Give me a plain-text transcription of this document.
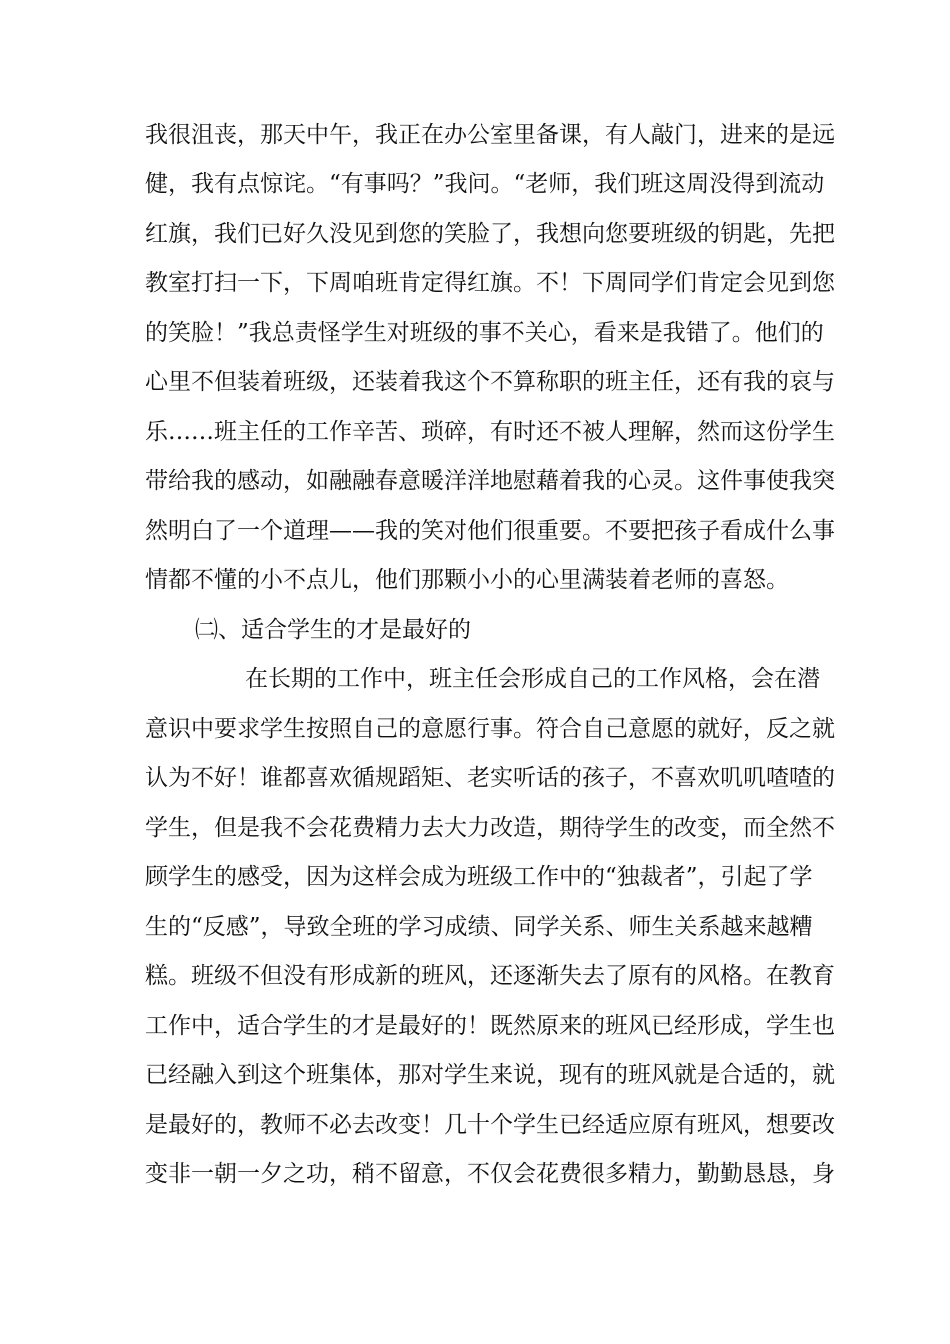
我很沮丧，那天中午，我正在办公室里备课，有人敲门，进来的是远
健，我有点惊诧。“有事吗？”我问。“老师，我们班这周没得到流动
红旗，我们已好久没见到您的笑脸了，我想向您要班级的钥匙，先把
教室打扫一下，下周咱班肯定得红旗。不！下周同学们肯定会见到您
的笑脸！”我总责怪学生对班级的事不关心，看来是我错了。他们的
心里不但装着班级，还装着我这个不算称职的班主任，还有我的哀与
乐……班主任的工作辛苦、琐碎，有时还不被人理解，然而这份学生
带给我的感动，如融融春意暖洋洋地慰藉着我的心灵。这件事使我突
然明白了一个道理——我的笑对他们很重要。不要把孩子看成什么事
情都不懂的小不点儿，他们那颗小小的心里满装着老师的喜怒。
㈡、适合学生的才是最好的
在长期的工作中，班主任会形成自己的工作风格，会在潜
意识中要求学生按照自己的意愿行事。符合自己意愿的就好，反之就
认为不好！谁都喜欢循规蹈矩、老实听话的孩子，不喜欢叽叽喳喳的
学生，但是我不会花费精力去大力改造，期待学生的改变，而全然不
顾学生的感受，因为这样会成为班级工作中的“独裁者”，引起了学
生的“反感”，导致全班的学习成绩、同学关系、师生关系越来越糟
糕。班级不但没有形成新的班风，还逐渐失去了原有的风格。在教育
工作中，适合学生的才是最好的！既然原来的班风已经形成，学生也
已经融入到这个班集体，那对学生来说，现有的班风就是合适的，就
是最好的，教师不必去改变！几十个学生已经适应原有班风，想要改
变非一朝一夕之功，稍不留意，不仅会花费很多精力，勤勤恳恳，身
